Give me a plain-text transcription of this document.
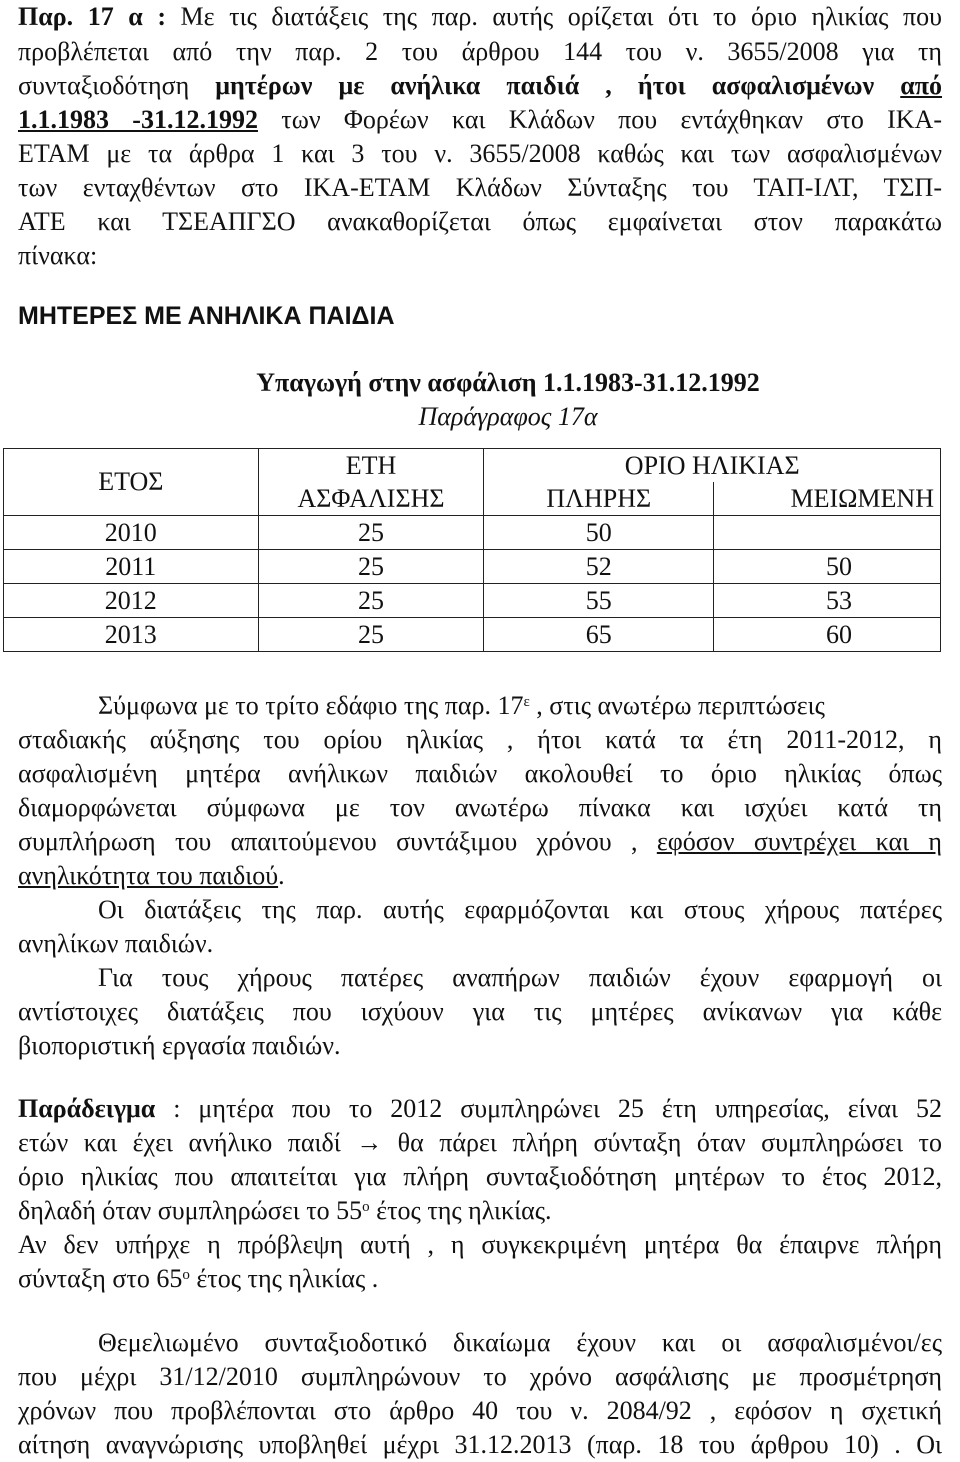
Παρ. 17 α : Με τις διατάξεις της παρ. αυτής ορίζεται ότι το όριο ηλικίας που
προβλέπεται από την παρ. 2 του άρθρου 144 του ν. 3655/2008 για τη
συνταξιοδότηση μητέρων με ανήλικα παιδιά , ήτοι ασφαλισμένων από
1.1.1983 -31.12.1992 των Φορέων και Κλάδων που εντάχθηκαν στο ΙΚΑ-
ΕΤΑΜ με τα άρθρα 1 και 3 του ν. 3655/2008 καθώς και των ασφαλισμένων
των ενταχθέντων στο ΙΚΑ-ΕΤΑΜ Κλάδων Σύνταξης του ΤΑΠ-ΙΛΤ, ΤΣΠ-
ΑΤΕ και ΤΣΕΑΠΓΣΟ ανακαθορίζεται όπως εμφαίνεται στον παρακάτω
πίνακα:
ΜΗΤΕΡΕΣ ΜΕ ΑΝΗΛΙΚΑ ΠΑΙΔΙΑ
Υπαγωγή στην ασφάλιση 1.1.1983-31.12.1992
Παράγραφος 17α
ΕΤΟΣ	ΕΤΗ	ΟΡΙΟ ΗΛΙΚΙΑΣ	
	ΑΣΦΑΛΙΣΗΣ	ΠΛΗΡΗΣ	ΜΕΙΩΜΕΝΗ
2010	25	50	
2011	25	52	50
2012	25	55	53
2013	25	65	60
Σύμφωνα με το τρίτο εδάφιο της παρ. $17^\varepsilon$ , στις ανωτέρω περιπτώσεις
σταδιακής αύξησης του ορίου ηλικίας , ήτοι κατά τα έτη 2011-2012, η
ασφαλισμένη μητέρα ανήλικων παιδιών ακολουθεί το όριο ηλικίας όπως
διαμορφώνεται σύμφωνα με τον ανωτέρω πίνακα και ισχύει κατά τη
συμπλήρωση του απαιτούμενου συντάξιμου χρόνου , εφόσον συντρέχει και η
ανηλικότητα του παιδιού.
Οι διατάξεις της παρ. αυτής εφαρμόζονται και στους χήρους πατέρες
ανηλίκων παιδιών.
Για τους χήρους πατέρες αναπήρων παιδιών έχουν εφαρμογή οι
αντίστοιχες διατάξεις που ισχύουν για τις μητέρες ανίκανων για κάθε
βιοποριστική εργασία παιδιών.
Παράδειγμα : μητέρα που το 2012 συμπληρώνει 25 έτη υπηρεσίας, είναι 52
ετών και έχει ανήλικο παιδί → θα πάρει πλήρη σύνταξη όταν συμπληρώσει το
όριο ηλικίας που απαιτείται για πλήρη συνταξιοδότηση μητέρων το έτος 2012,
δηλαδή όταν συμπληρώσει το $55^o$ έτος της ηλικίας.
Αν δεν υπήρχε η πρόβλεψη αυτή , η συγκεκριμένη μητέρα θα έπαιρνε πλήρη
σύνταξη στο $65^o$ έτος της ηλικίας .
Θεμελιωμένο συνταξιοδοτικό δικαίωμα έχουν και οι ασφαλισμένοι/ες
που μέχρι 31/12/2010 συμπληρώνουν το χρόνο ασφάλισης με προσμέτρηση
χρόνων που προβλέπονται στο άρθρο 40 του ν. 2084/92 , εφόσον η σχετική
αίτηση αναγνώρισης υποβληθεί μέχρι 31.12.2013 (παρ. 18 του άρθρου 10) . Οι
